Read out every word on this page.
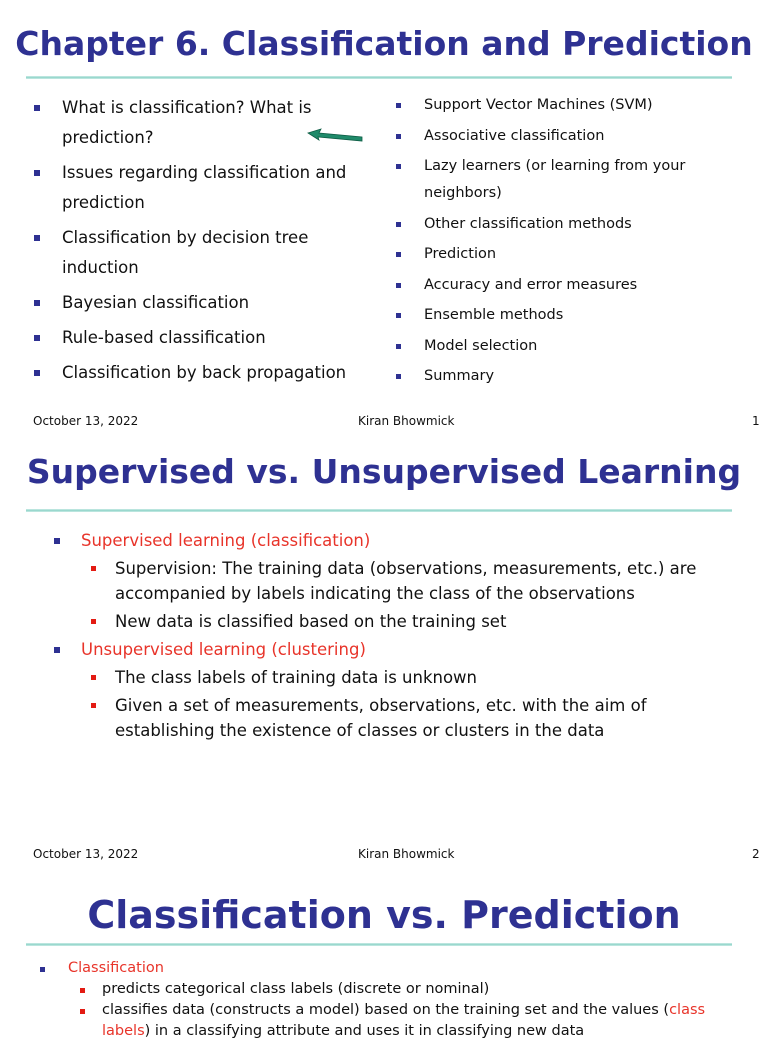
Chapter 6. Classification and Prediction
What is classification? What is prediction?
Issues regarding classification and prediction
Classification by decision tree induction
Bayesian classification
Rule-based classification
Classification by back propagation
Support Vector Machines (SVM)
Associative classification
Lazy learners (or learning from your neighbors)
Other classification methods
Prediction
Accuracy and error measures
Ensemble methods
Model selection
Summary
October 13, 2022	Kiran Bhowmick	1
Supervised vs. Unsupervised Learning
Supervised learning (classification)
Supervision: The training data (observations, measurements, etc.) are accompanied by labels indicating the class of the observations
New data is classified based on the training set
Unsupervised learning (clustering)
The class labels of training data is unknown
Given a set of measurements, observations, etc. with the aim of establishing the existence of classes or clusters in the data
October 13, 2022	Kiran Bhowmick	2
Classification vs. Prediction
Classification
predicts categorical class labels (discrete or nominal)
classifies data (constructs a model) based on the training set and the values (class labels) in a classifying attribute and uses it in classifying new data
